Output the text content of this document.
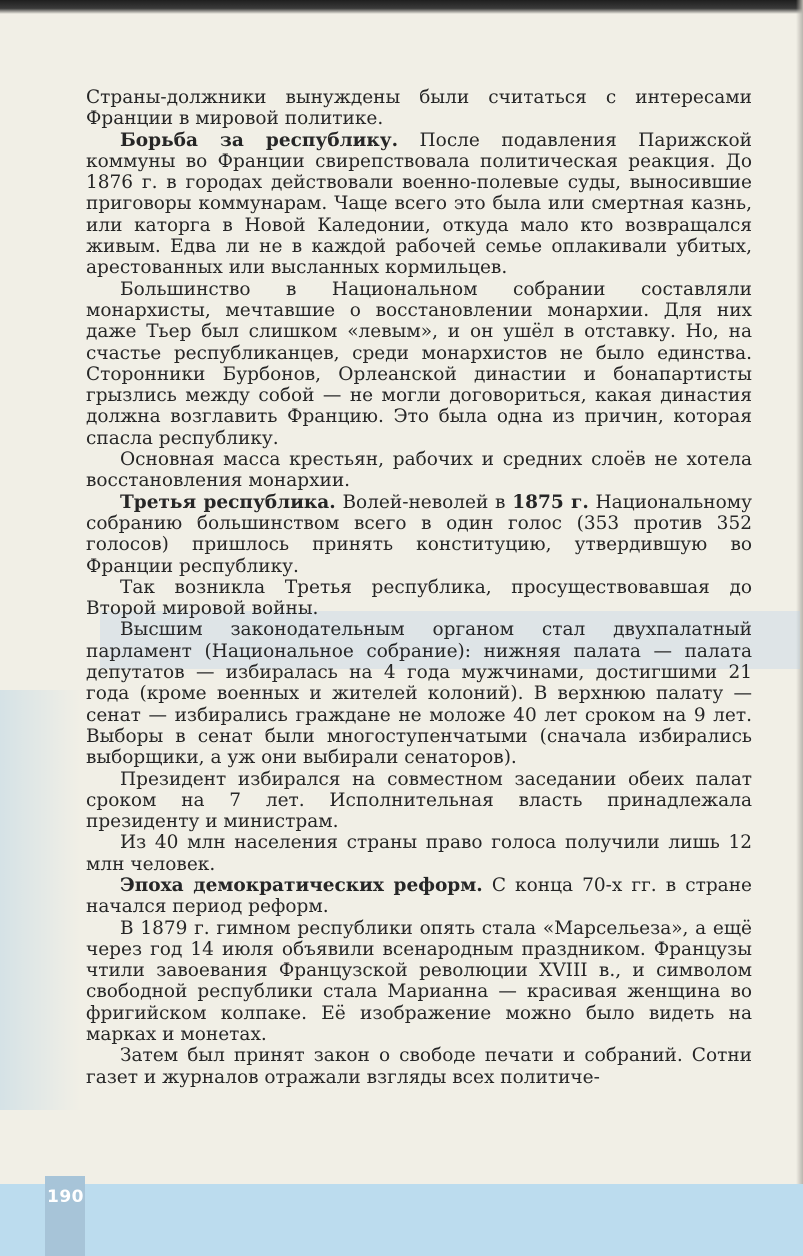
190

Страны-должники вынуждены были считаться с интересами Франции в мировой политике.

Борьба за республику. После подавления Парижской коммуны во Франции свирепствовала политическая реакция. До 1876 г. в городах действовали военно-полевые суды, выносившие приговоры коммунарам. Чаще всего это была или смертная казнь, или каторга в Новой Каледонии, откуда мало кто возвращался живым. Едва ли не в каждой рабочей семье оплакивали убитых, арестованных или высланных кормильцев.

Большинство в Национальном собрании составляли монархисты, мечтавшие о восстановлении монархии. Для них даже Тьер был слишком «левым», и он ушёл в отставку. Но, на счастье республиканцев, среди монархистов не было единства. Сторонники Бурбонов, Орлеанской династии и бонапартисты грызлись между собой — не могли договориться, какая династия должна возглавить Францию. Это была одна из причин, которая спасла республику.

Основная масса крестьян, рабочих и средних слоёв не хотела восстановления монархии.

Третья республика. Волей-неволей в 1875 г. Национальному собранию большинством всего в один голос (353 против 352 голосов) пришлось принять конституцию, утвердившую во Франции республику.

Так возникла Третья республика, просуществовавшая до Второй мировой войны.

Высшим законодательным органом стал двухпалатный парламент (Национальное собрание): нижняя палата — палата депутатов — избиралась на 4 года мужчинами, достигшими 21 года (кроме военных и жителей колоний). В верхнюю палату — сенат — избирались граждане не моложе 40 лет сроком на 9 лет. Выборы в сенат были многоступенчатыми (сначала избирались выборщики, а уж они выбирали сенаторов).

Президент избирался на совместном заседании обеих палат сроком на 7 лет. Исполнительная власть принадлежала президенту и министрам.

Из 40 млн населения страны право голоса получили лишь 12 млн человек.

Эпоха демократических реформ. С конца 70-х гг. в стране начался период реформ.

В 1879 г. гимном республики опять стала «Марсельеза», а ещё через год 14 июля объявили всенародным праздником. Французы чтили завоевания Французской революции XVIII в., и символом свободной республики стала Марианна — красивая женщина во фригийском колпаке. Её изображение можно было видеть на марках и монетах.

Затем был принят закон о свободе печати и собраний. Сотни газет и журналов отражали взгляды всех политиче-
